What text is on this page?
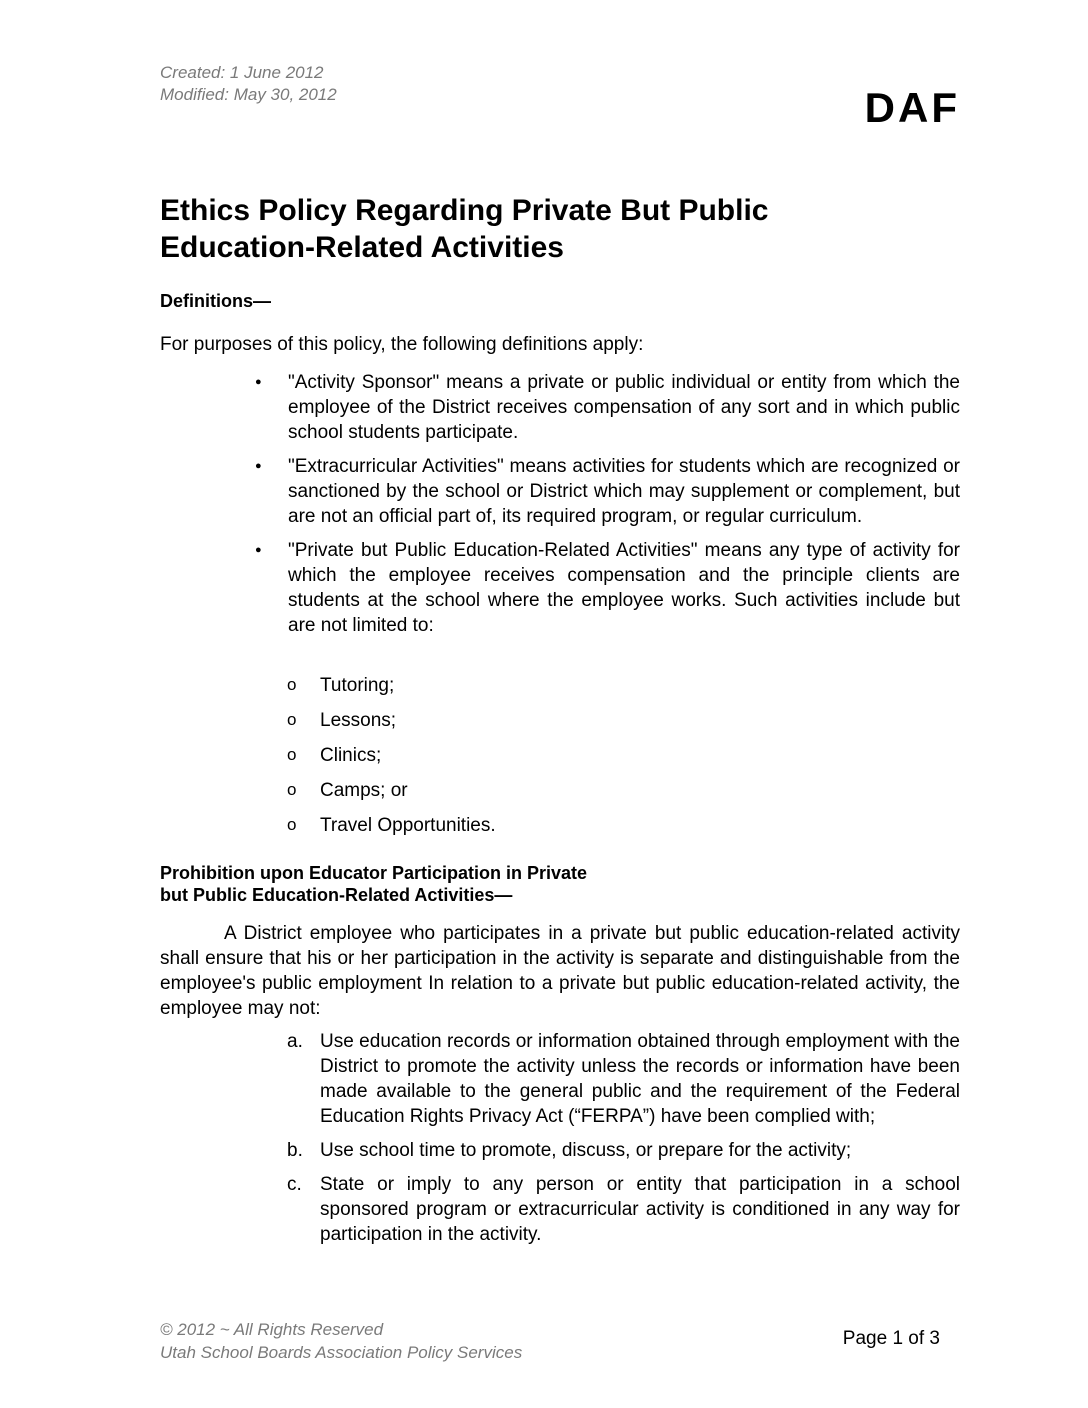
Created: 1 June 2012
Modified: May 30, 2012	DAF
Ethics Policy Regarding Private But Public
Education-Related Activities
Definitions—
For purposes of this policy, the following definitions apply:
● "Activity Sponsor" means a private or public individual or entity from which the employee of the District receives compensation of any sort and in which public school students participate.
● "Extracurricular Activities" means activities for students which are recognized or sanctioned by the school or District which may supplement or complement, but are not an official part of, its required program, or regular curriculum.
● "Private but Public Education-Related Activities" means any type of activity for which the employee receives compensation and the principle clients are students at the school where the employee works. Such activities include but are not limited to:
o Tutoring;
o Lessons;
o Clinics;
o Camps; or
o Travel Opportunities.
Prohibition upon Educator Participation in Private
but Public Education-Related Activities—

A District employee who participates in a private but public education-related activity shall ensure that his or her participation in the activity is separate and distinguishable from the employee's public employment In relation to a private but public education-related activity, the employee may not:

a. Use education records or information obtained through employment with the District to promote the activity unless the records or information have been made available to the general public and the requirement of the Federal Education Rights Privacy Act (“FERPA”) have been complied with;
b. Use school time to promote, discuss, or prepare for the activity;
c. State or imply to any person or entity that participation in a school sponsored program or extracurricular activity is conditioned in any way for participation in the activity.
© 2012 ~ All Rights Reserved
Utah School Boards Association Policy Services
Page 1 of 3
